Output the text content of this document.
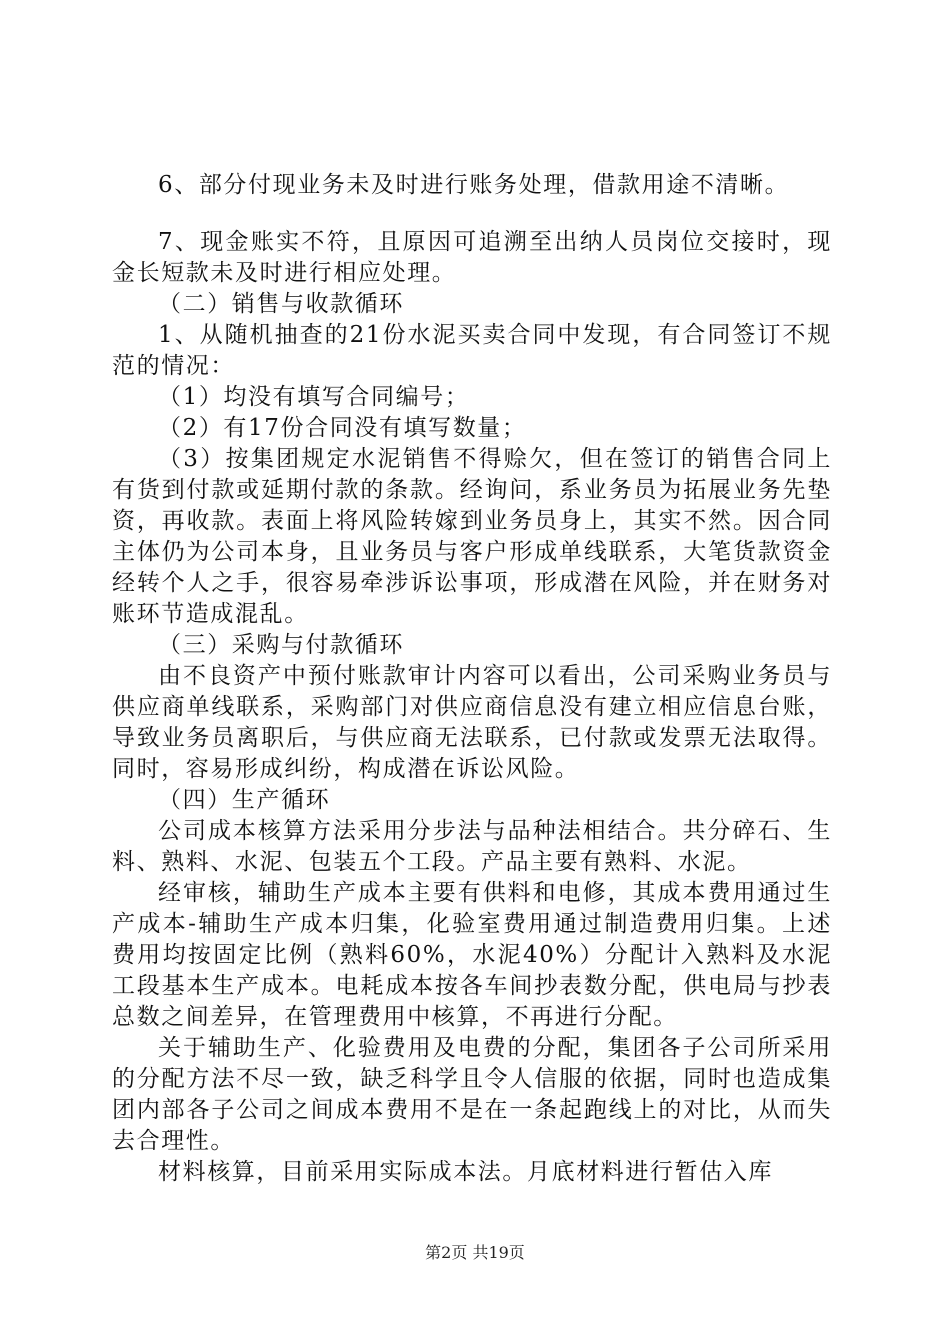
6、部分付现业务未及时进行账务处理，借款用途不清晰。

7、现金账实不符，且原因可追溯至出纳人员岗位交接时，现金长短款未及时进行相应处理。

（二）销售与收款循环

1、从随机抽查的21份水泥买卖合同中发现，有合同签订不规范的情况：

（1）均没有填写合同编号；

（2）有17份合同没有填写数量；

（3）按集团规定水泥销售不得赊欠，但在签订的销售合同上有货到付款或延期付款的条款。经询问，系业务员为拓展业务先垫资，再收款。表面上将风险转嫁到业务员身上，其实不然。因合同主体仍为公司本身，且业务员与客户形成单线联系，大笔货款资金经转个人之手，很容易牵涉诉讼事项，形成潜在风险，并在财务对账环节造成混乱。

（三）采购与付款循环

由不良资产中预付账款审计内容可以看出，公司采购业务员与供应商单线联系，采购部门对供应商信息没有建立相应信息台账，导致业务员离职后，与供应商无法联系，已付款或发票无法取得。同时，容易形成纠纷，构成潜在诉讼风险。

（四）生产循环

公司成本核算方法采用分步法与品种法相结合。共分碎石、生料、熟料、水泥、包装五个工段。产品主要有熟料、水泥。

经审核，辅助生产成本主要有供料和电修，其成本费用通过生产成本-辅助生产成本归集，化验室费用通过制造费用归集。上述费用均按固定比例（熟料60%，水泥40%）分配计入熟料及水泥工段基本生产成本。电耗成本按各车间抄表数分配，供电局与抄表总数之间差异，在管理费用中核算，不再进行分配。

关于辅助生产、化验费用及电费的分配，集团各子公司所采用的分配方法不尽一致，缺乏科学且令人信服的依据，同时也造成集团内部各子公司之间成本费用不是在一条起跑线上的对比，从而失去合理性。

材料核算，目前采用实际成本法。月底材料进行暂估入库

第2页 共19页
